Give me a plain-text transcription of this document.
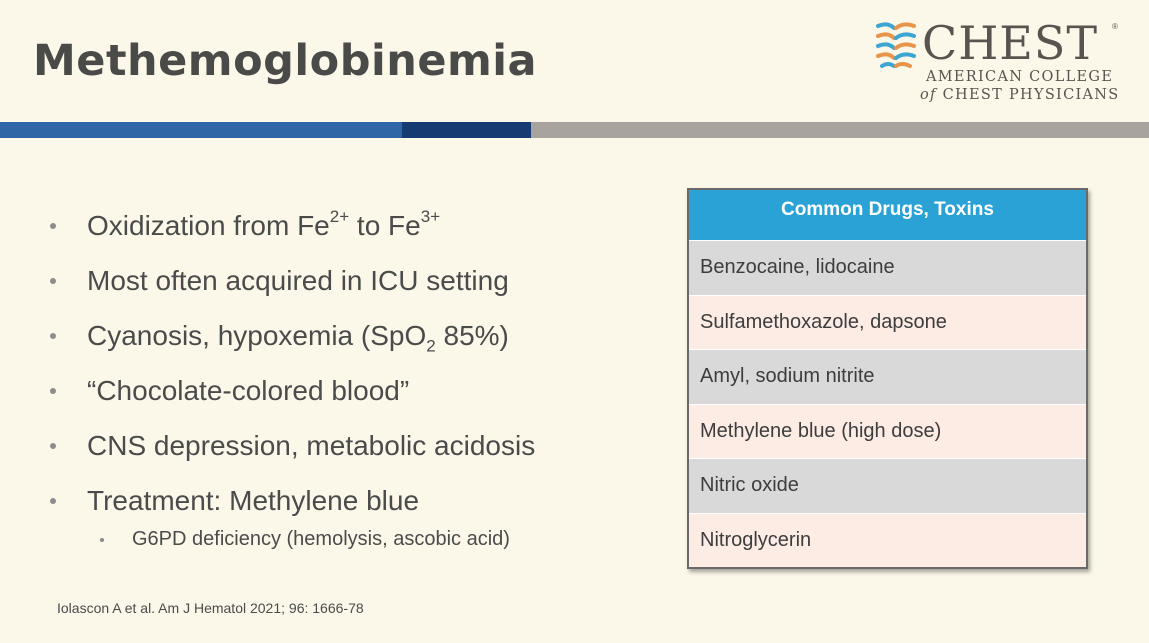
Methemoglobinemia	CHEST ®
AMERICAN COLLEGE
of CHEST PHYSICIANS
Oxidization from $Fe^{2+}$ to $Fe^{3+}$
Most often acquired in ICU setting
Cyanosis, hypoxemia (SpO$_2$ 85%)
“Chocolate-colored blood”
CNS depression, metabolic acidosis
Treatment: Methylene blue
G6PD deficiency (hemolysis, ascobic acid)
Iolascon A et al. Am J Hematol 2021; 96: 1666-78
Common Drugs, Toxins
Benzocaine, lidocaine
Sulfamethoxazole, dapsone
Amyl, sodium nitrite
Methylene blue (high dose)
Nitric oxide
Nitroglycerin
